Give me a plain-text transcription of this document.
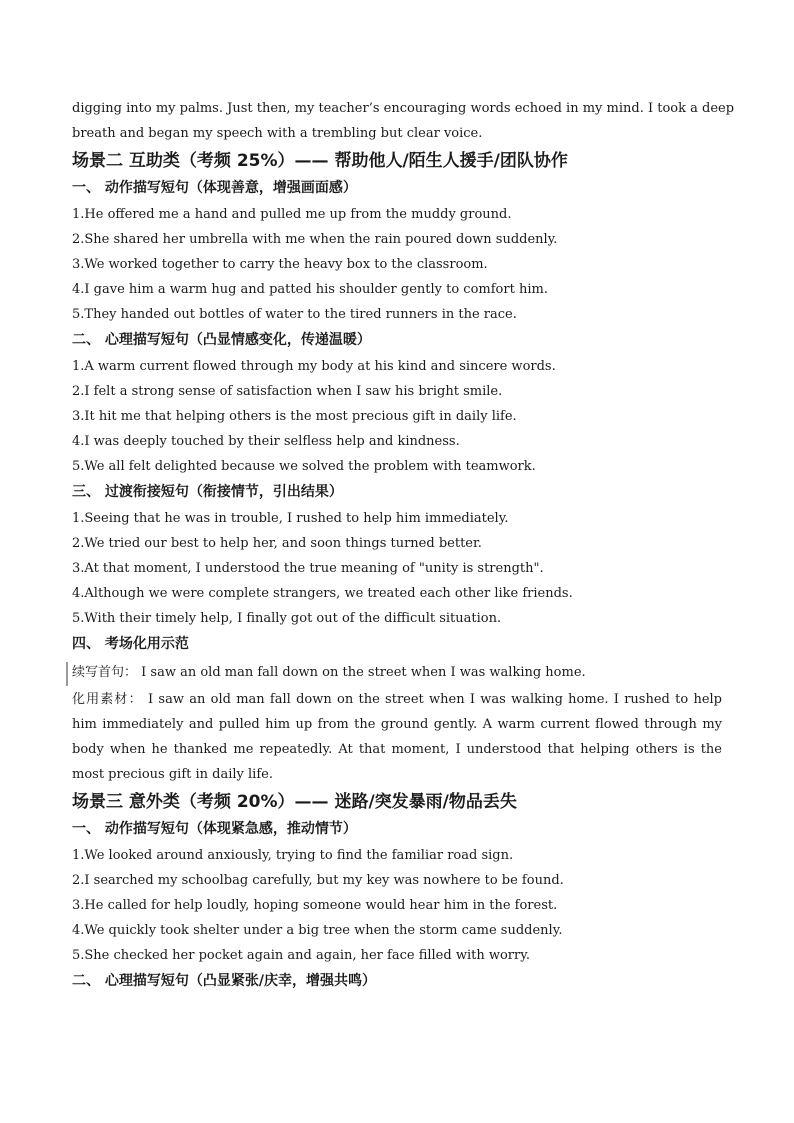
digging into my palms. Just then, my teacher’s encouraging words echoed in my mind. I took a deep
breath and began my speech with a trembling but clear voice.
场景二 互助类（考频 25%）—— 帮助他人/陌生人援手/团队协作
一、 动作描写短句（体现善意，增强画面感）
1.He offered me a hand and pulled me up from the muddy ground.
2.She shared her umbrella with me when the rain poured down suddenly.
3.We worked together to carry the heavy box to the classroom.
4.I gave him a warm hug and patted his shoulder gently to comfort him.
5.They handed out bottles of water to the tired runners in the race.
二、 心理描写短句（凸显情感变化，传递温暖）
1.A warm current flowed through my body at his kind and sincere words.
2.I felt a strong sense of satisfaction when I saw his bright smile.
3.It hit me that helping others is the most precious gift in daily life.
4.I was deeply touched by their selfless help and kindness.
5.We all felt delighted because we solved the problem with teamwork.
三、 过渡衔接短句（衔接情节，引出结果）
1.Seeing that he was in trouble, I rushed to help him immediately.
2.We tried our best to help her, and soon things turned better.
3.At that moment, I understood the true meaning of "unity is strength".
4.Although we were complete strangers, we treated each other like friends.
5.With their timely help, I finally got out of the difficult situation.
四、 考场化用示范
续写首句： I saw an old man fall down on the street when I was walking home.
化用素材： I saw an old man fall down on the street when I was walking home. I rushed to help him immediately and pulled him up from the ground gently. A warm current flowed through my body when he thanked me repeatedly. At that moment, I understood that helping others is the most precious gift in daily life.
场景三 意外类（考频 20%）—— 迷路/突发暴雨/物品丢失
一、 动作描写短句（体现紧急感，推动情节）
1.We looked around anxiously, trying to find the familiar road sign.
2.I searched my schoolbag carefully, but my key was nowhere to be found.
3.He called for help loudly, hoping someone would hear him in the forest.
4.We quickly took shelter under a big tree when the storm came suddenly.
5.She checked her pocket again and again, her face filled with worry.
二、 心理描写短句（凸显紧张/庆幸，增强共鸣）
